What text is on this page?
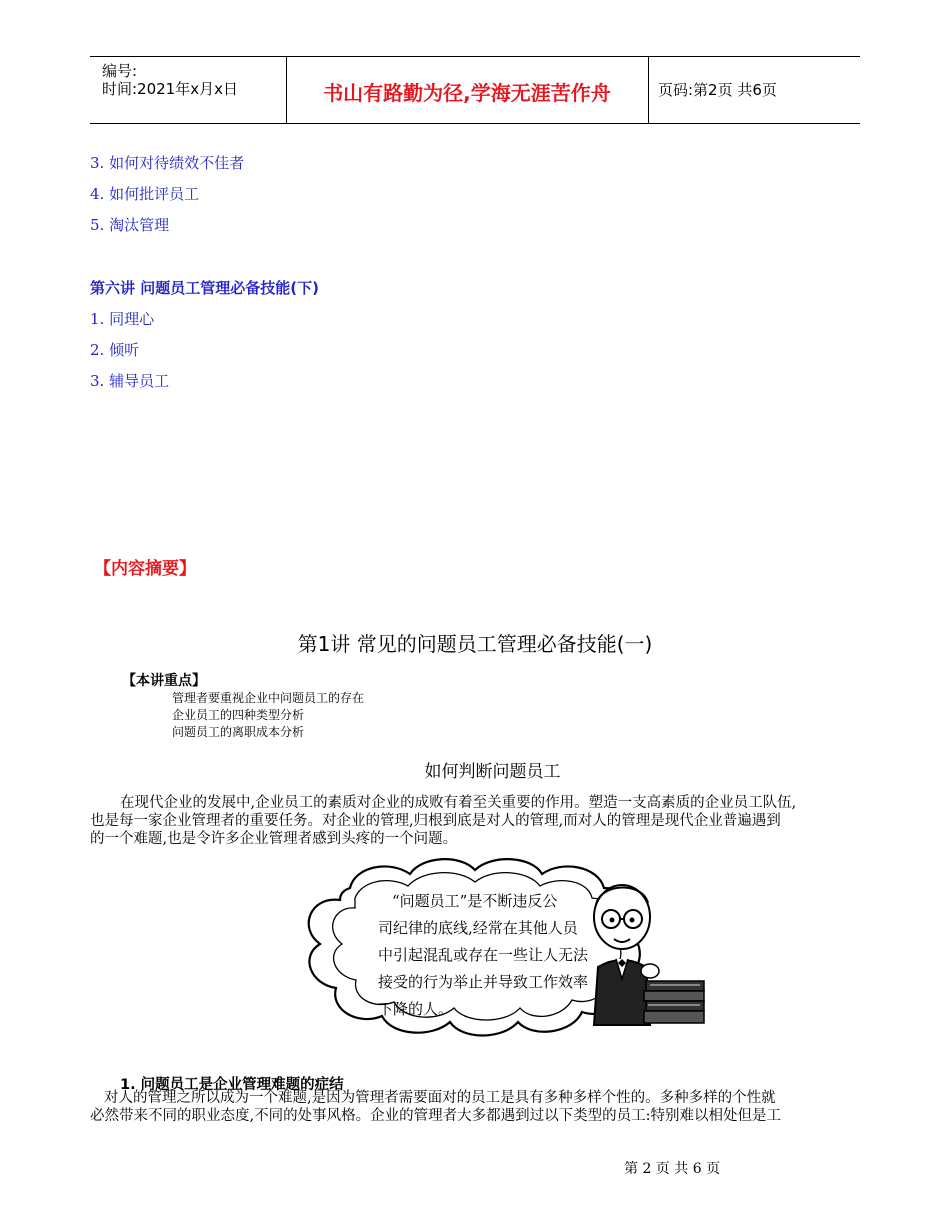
编号:
时间:2021年x月x日	书山有路勤为径,学海无涯苦作舟	页码:第2页 共6页
3. 如何对待绩效不佳者
4. 如何批评员工
5. 淘汰管理
第六讲 问题员工管理必备技能(下)
1. 同理心
2. 倾听
3. 辅导员工
【内容摘要】
第1讲 常见的问题员工管理必备技能(一)
【本讲重点】
管理者要重视企业中问题员工的存在
企业员工的四种类型分析
问题员工的离职成本分析
如何判断问题员工
在现代企业的发展中,企业员工的素质对企业的成败有着至关重要的作用。塑造一支高素质的企业员工队伍,
也是每一家企业管理者的重要任务。对企业的管理,归根到底是对人的管理,而对人的管理是现代企业普遍遇到
的一个难题,也是令许多企业管理者感到头疼的一个问题。
“问题员工”是不断违反公
司纪律的底线,经常在其他人员
中引起混乱或存在一些让人无法
接受的行为举止并导致工作效率
下降的人。
1. 问题员工是企业管理难题的症结
对人的管理之所以成为一个难题,是因为管理者需要面对的员工是具有多种多样个性的。多种多样的个性就
必然带来不同的职业态度,不同的处事风格。企业的管理者大多都遇到过以下类型的员工:特别难以相处但是工
第 2 页 共 6 页
